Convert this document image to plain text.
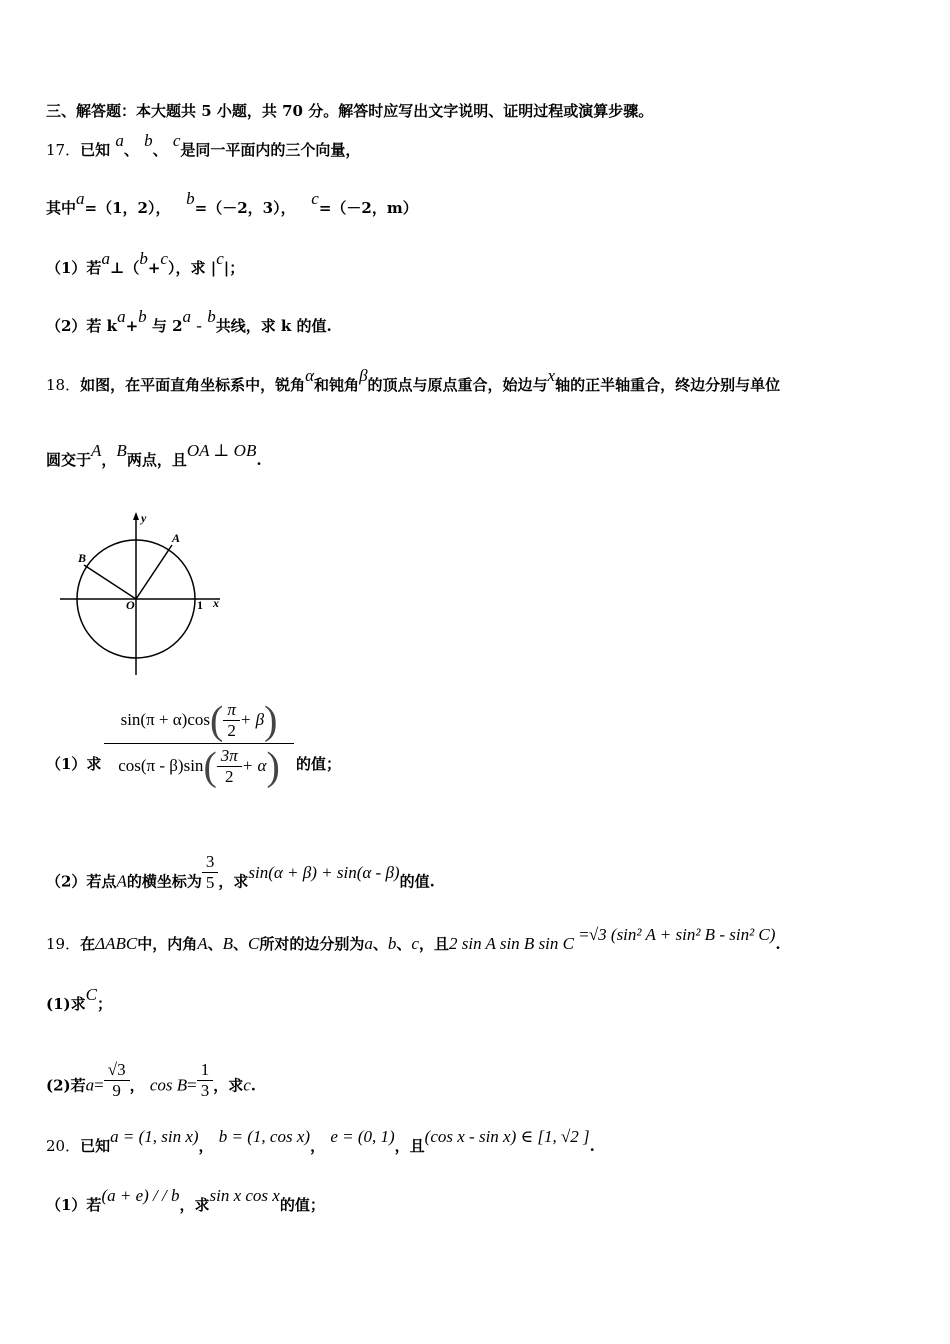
三、解答题：本大题共 5 小题，共 70 分。解答时应写出文字说明、证明过程或演算步骤。
17．已知 a、 b、 c是同一平面内的三个向量，
其中a=（1，2）， b=（－2，3）， c=（－2，m）
（1）若a⊥（b+c），求 |c|；
（2）若 ka+b 与 2a - b共线，求 k 的值.
18．如图，在平面直角坐标系中，锐角α和钝角β的顶点与原点重合，始边与x轴的正半轴重合，终边分别与单位
圆交于A，B两点，且OA ⊥ OB.
y
x
O	1
A
B
（1）求 $\frac{\sin(\pi + \alpha)\cos( \frac{\pi}{2} + \beta)}{\cos(\pi - \beta)\sin( \frac{3\pi}{2} + \alpha)}$ 的值；
（2）若点A的横坐标为 $\frac{3}{5}$ ，求sin(α + β) + sin(α - β)的值.
19．在ΔABC中，内角A、B、C所对的边分别为a、b、c，且2 sin A sin B sin C =√3 (sin² A + sin² B - sin² C).
(1)求C；
(2)若$a= \frac{√3}{9}$ ， $\cos B= \frac{1}{3}$ ，求c.
20．已知a = (1, sin x)， b = (1, cos x)， e = (0, 1)，且(cos x - sin x) ∈ [1, √2 ].
（1）若(a + e) / / b，求sin x cos x的值；
